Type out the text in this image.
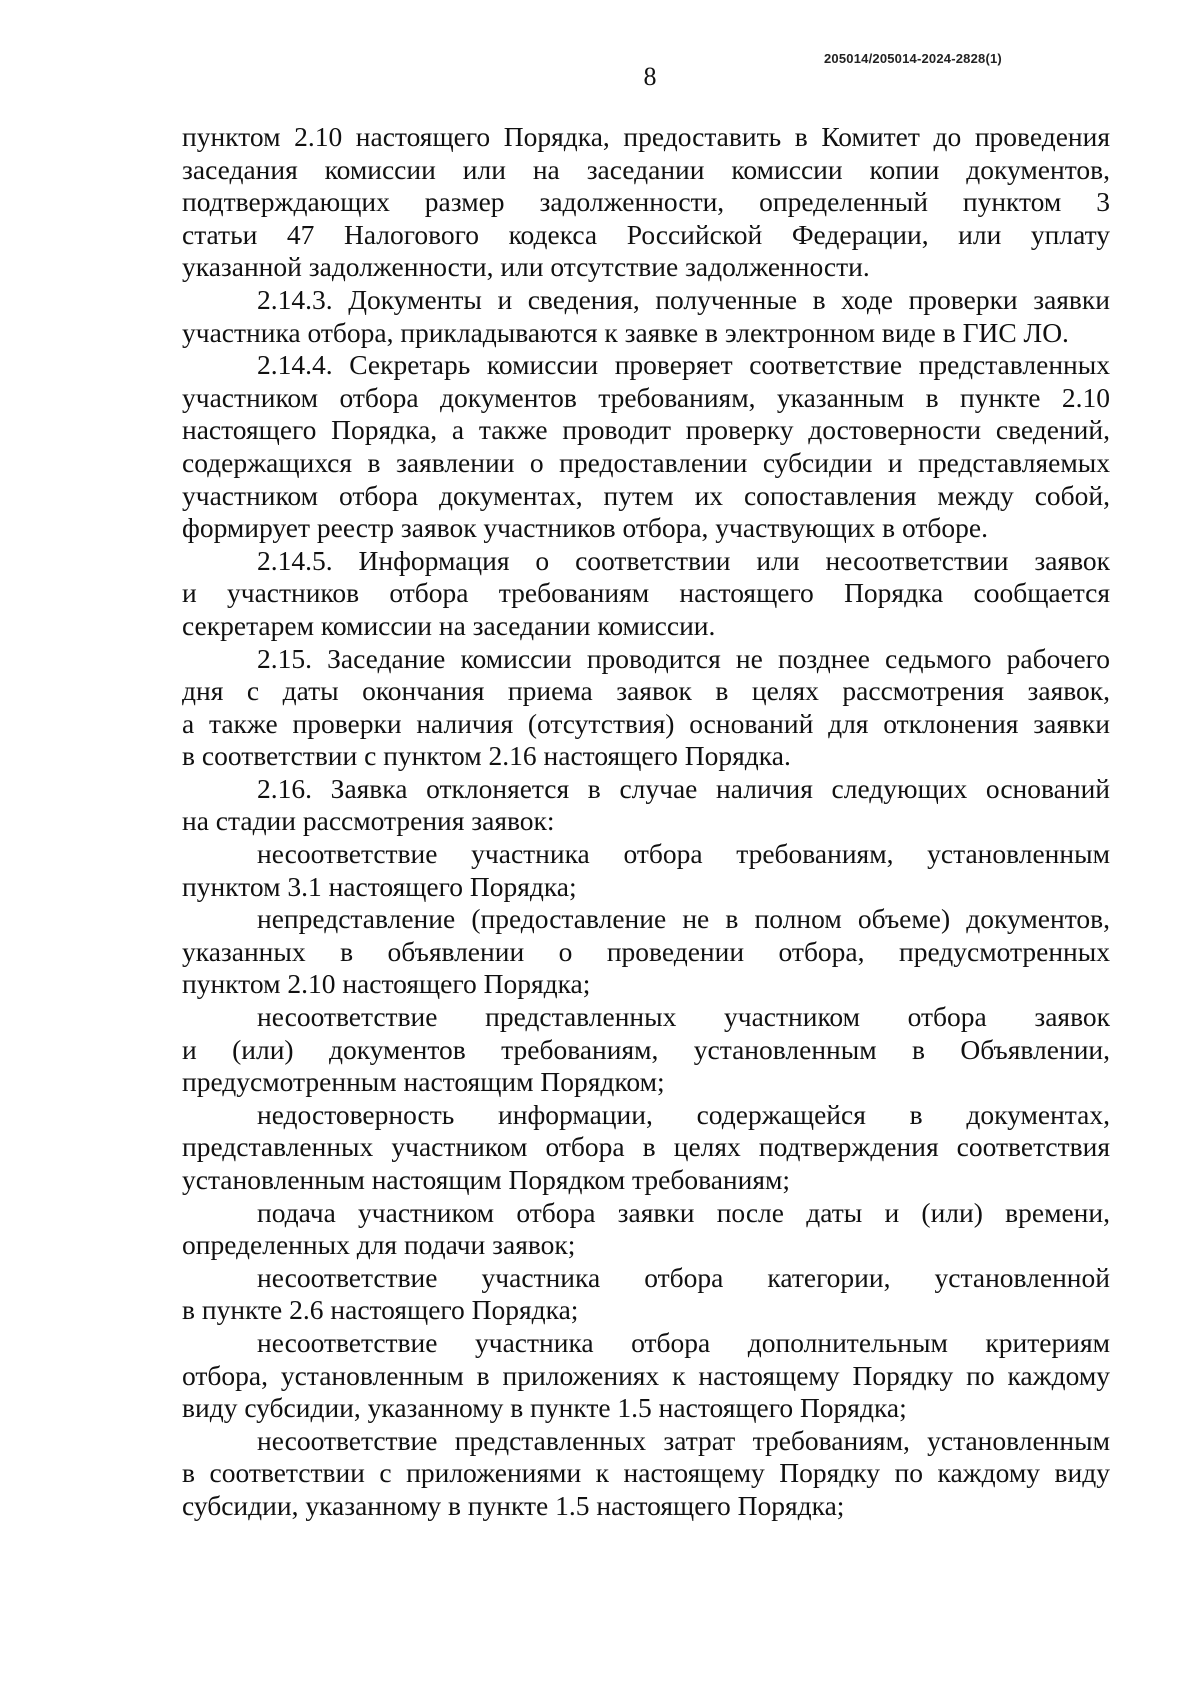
205014/205014-2024-2828(1)
8
пунктом 2.10 настоящего Порядка, предоставить в Комитет до проведения
заседания комиссии или на заседании комиссии копии документов,
подтверждающих размер задолженности, определенный пунктом 3
статьи 47 Налогового кодекса Российской Федерации, или уплату
указанной задолженности, или отсутствие задолженности.
2.14.3. Документы и сведения, полученные в ходе проверки заявки
участника отбора, прикладываются к заявке в электронном виде в ГИС ЛО.
2.14.4. Секретарь комиссии проверяет соответствие представленных
участником отбора документов требованиям, указанным в пункте 2.10
настоящего Порядка, а также проводит проверку достоверности сведений,
содержащихся в заявлении о предоставлении субсидии и представляемых
участником отбора документах, путем их сопоставления между собой,
формирует реестр заявок участников отбора, участвующих в отборе.
2.14.5. Информация о соответствии или несоответствии заявок
и участников отбора требованиям настоящего Порядка сообщается
секретарем комиссии на заседании комиссии.
2.15. Заседание комиссии проводится не позднее седьмого рабочего
дня с даты окончания приема заявок в целях рассмотрения заявок,
а также проверки наличия (отсутствия) оснований для отклонения заявки
в соответствии с пунктом 2.16 настоящего Порядка.
2.16. Заявка отклоняется в случае наличия следующих оснований
на стадии рассмотрения заявок:
несоответствие участника отбора требованиям, установленным
пунктом 3.1 настоящего Порядка;
непредставление (предоставление не в полном объеме) документов,
указанных в объявлении о проведении отбора, предусмотренных
пунктом 2.10 настоящего Порядка;
несоответствие представленных участником отбора заявок
и (или) документов требованиям, установленным в Объявлении,
предусмотренным настоящим Порядком;
недостоверность информации, содержащейся в документах,
представленных участником отбора в целях подтверждения соответствия
установленным настоящим Порядком требованиям;
подача участником отбора заявки после даты и (или) времени,
определенных для подачи заявок;
несоответствие участника отбора категории, установленной
в пункте 2.6 настоящего Порядка;
несоответствие участника отбора дополнительным критериям
отбора, установленным в приложениях к настоящему Порядку по каждому
виду субсидии, указанному в пункте 1.5 настоящего Порядка;
несоответствие представленных затрат требованиям, установленным
в соответствии с приложениями к настоящему Порядку по каждому виду
субсидии, указанному в пункте 1.5 настоящего Порядка;
